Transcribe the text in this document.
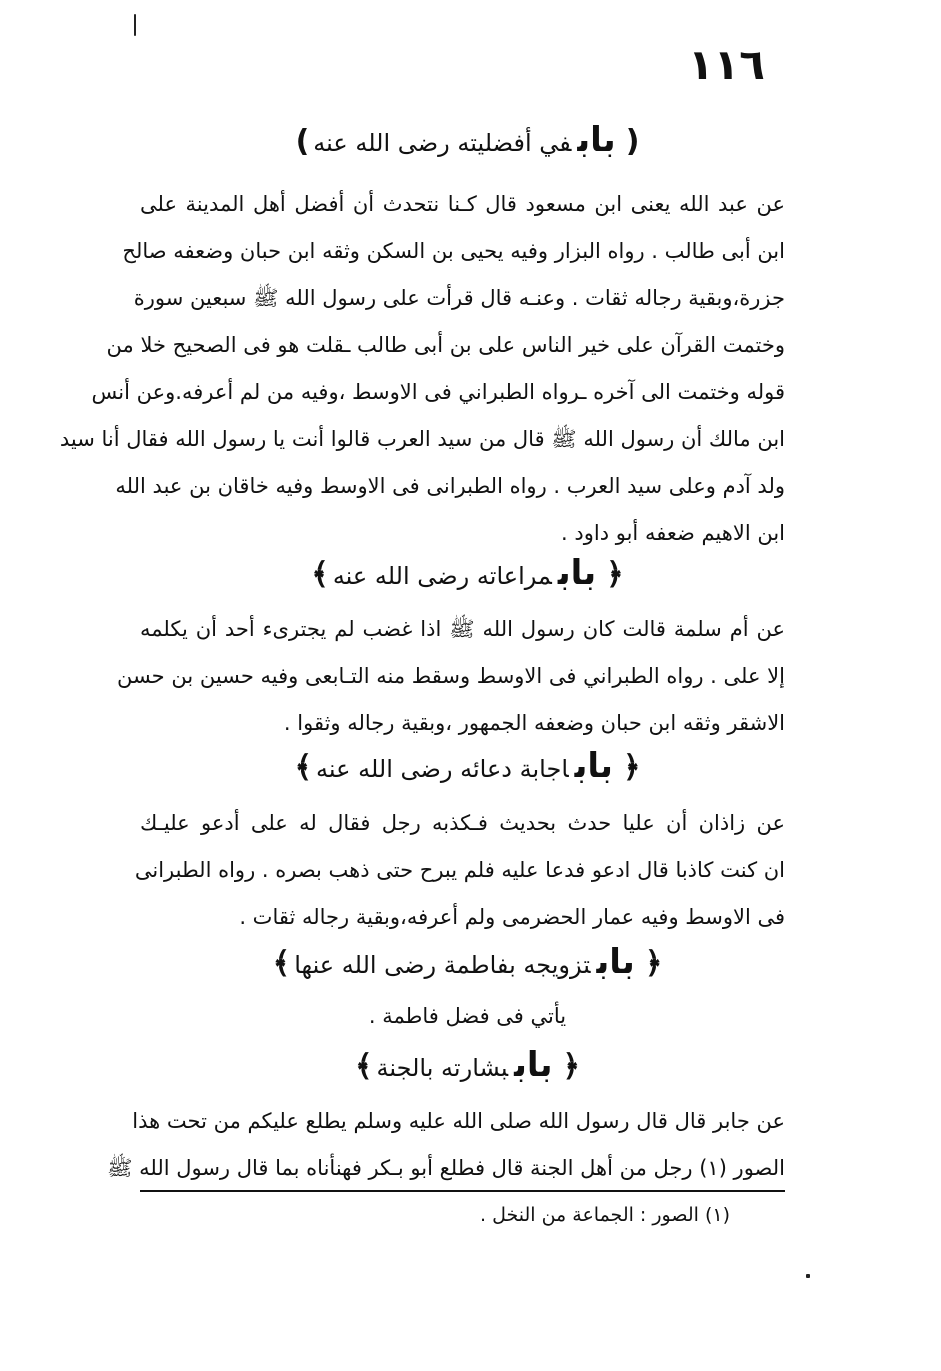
١١٦
(بابفي أفضليته رضى الله عنه)
عن عبد الله يعنى ابن مسعود قال كـنا نتحدث أن أفضل أهل المدينة على
ابن أبى طالب . رواه البزار وفيه يحيى بن السكن وثقه ابن حبان وضعفه صالح
جزرة،وبقية رجاله ثقات . وعنـه قال قرأت على رسول الله ﷺ سبعين سورة
وختمت القرآن على خير الناس على بن أبى طالب ـقلت هو فى الصحيح خلا من
قوله وختمت الى آخره ـرواه الطبراني فى الاوسط ،وفيه من لم أعرفه.وعن أنس
ابن مالك أن رسول الله ﷺ قال من سيد العرب قالوا أنت يا رسول الله فقال أنا سيد
ولد آدم وعلى سيد العرب . رواه الطبرانى فى الاوسط وفيه خاقان بن عبد الله
ابن الاهيم ضعفه أبو داود .
﴿بابمراعاته رضى الله عنه﴾
عن أم سلمة قالت كان رسول الله ﷺ اذا غضب لم يجترىء أحد أن يكلمه
إلا على . رواه الطبراني فى الاوسط وسقط منه التـابعى وفيه حسين بن حسن
الاشقر وثقه ابن حبان وضعفه الجمهور ،وبقية رجاله وثقوا .
﴿باباجابة دعائه رضى الله عنه﴾
عن زاذان أن عليا حدث بحديث فـكذبه رجل فقال له على أدعو عليـك
ان كنت كاذبا قال ادعو فدعا عليه فلم يبرح حتى ذهب بصره . رواه الطبرانى
فى الاوسط وفيه عمار الحضرمى ولم أعرفه،وبقية رجاله ثقات .
﴿بابتزويجه بفاطمة رضى الله عنها﴾
يأتي فى فضل فاطمة .
﴿باببشارته بالجنة﴾
عن جابر قال قال رسول الله صلى الله عليه وسلم يطلع عليكم من تحت هذا
الصور (١) رجل من أهل الجنة قال فطلع أبو بـكر فهنأناه بما قال رسول الله ﷺ
(١) الصور : الجماعة من النخل .
